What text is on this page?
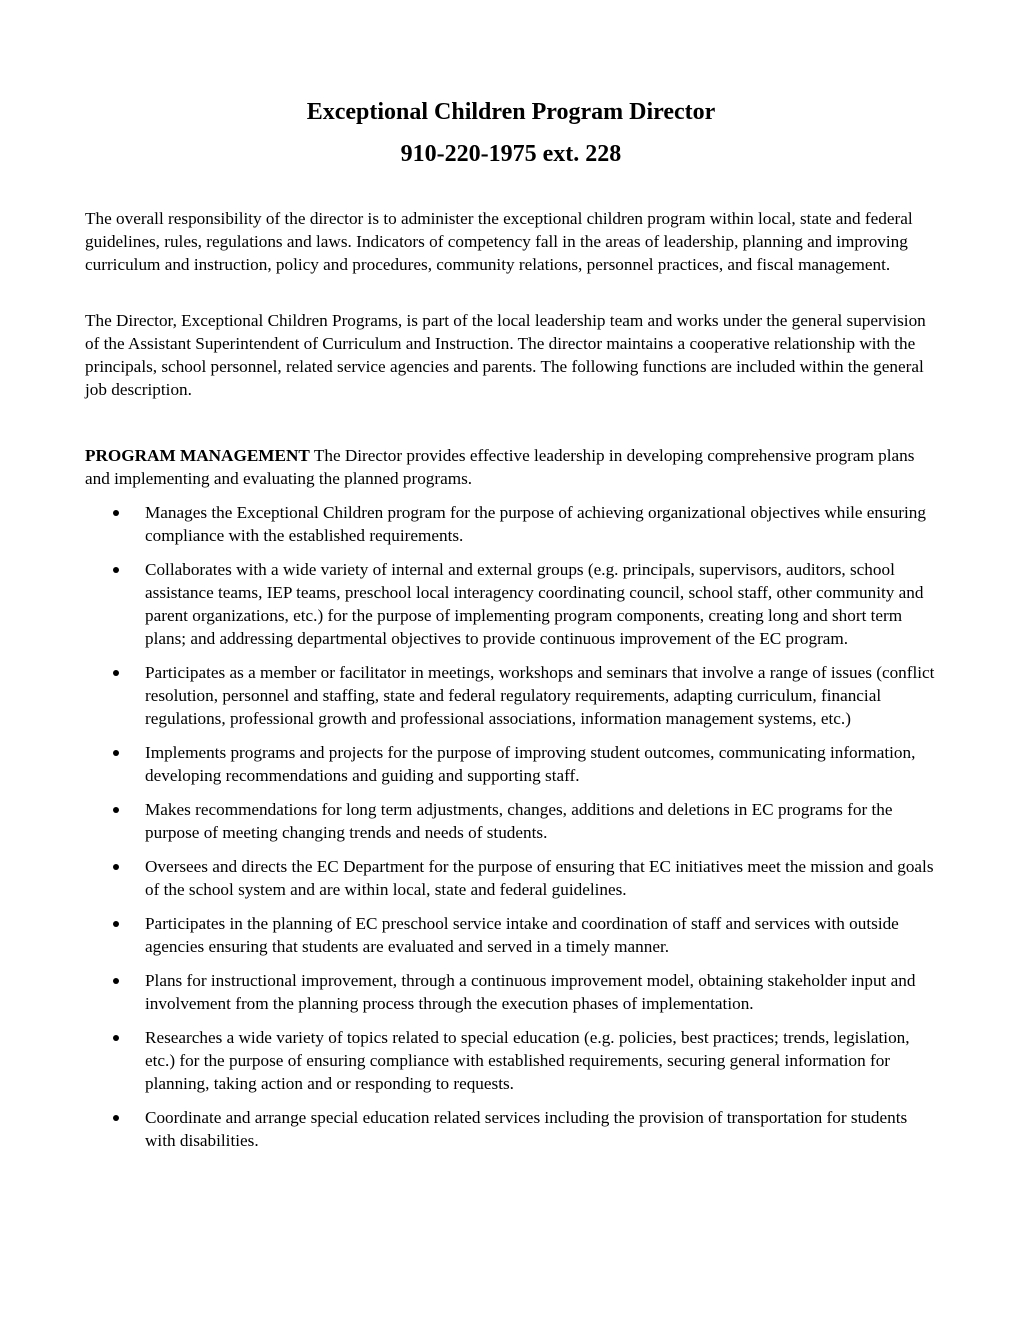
Exceptional Children Program Director
910-220-1975 ext. 228

The overall responsibility of the director is to administer the exceptional children program within local, state and federal guidelines, rules, regulations and laws. Indicators of competency fall in the areas of leadership, planning and improving curriculum and instruction, policy and procedures, community relations, personnel practices, and fiscal management.

The Director, Exceptional Children Programs, is part of the local leadership team and works under the general supervision of the Assistant Superintendent of Curriculum and Instruction. The director maintains a cooperative relationship with the principals, school personnel, related service agencies and parents. The following functions are included within the general job description.

PROGRAM MANAGEMENT The Director provides effective leadership in developing comprehensive program plans and implementing and evaluating the planned programs.

Manages the Exceptional Children program for the purpose of achieving organizational objectives while ensuring compliance with the established requirements.
Collaborates with a wide variety of internal and external groups (e.g. principals, supervisors, auditors, school assistance teams, IEP teams, preschool local interagency coordinating council, school staff, other community and parent organizations, etc.) for the purpose of implementing program components, creating long and short term plans; and addressing departmental objectives to provide continuous improvement of the EC program.
Participates as a member or facilitator in meetings, workshops and seminars that involve a range of issues (conflict resolution, personnel and staffing, state and federal regulatory requirements, adapting curriculum, financial regulations, professional growth and professional associations, information management systems, etc.)
Implements programs and projects for the purpose of improving student outcomes, communicating information, developing recommendations and guiding and supporting staff.
Makes recommendations for long term adjustments, changes, additions and deletions in EC programs for the purpose of meeting changing trends and needs of students.
Oversees and directs the EC Department for the purpose of ensuring that EC initiatives meet the mission and goals of the school system and are within local, state and federal guidelines.
Participates in the planning of EC preschool service intake and coordination of staff and services with outside agencies ensuring that students are evaluated and served in a timely manner.
Plans for instructional improvement, through a continuous improvement model, obtaining stakeholder input and involvement from the planning process through the execution phases of implementation.
Researches a wide variety of topics related to special education (e.g. policies, best practices; trends, legislation, etc.) for the purpose of ensuring compliance with established requirements, securing general information for planning, taking action and or responding to requests.
Coordinate and arrange special education related services including the provision of transportation for students with disabilities.
